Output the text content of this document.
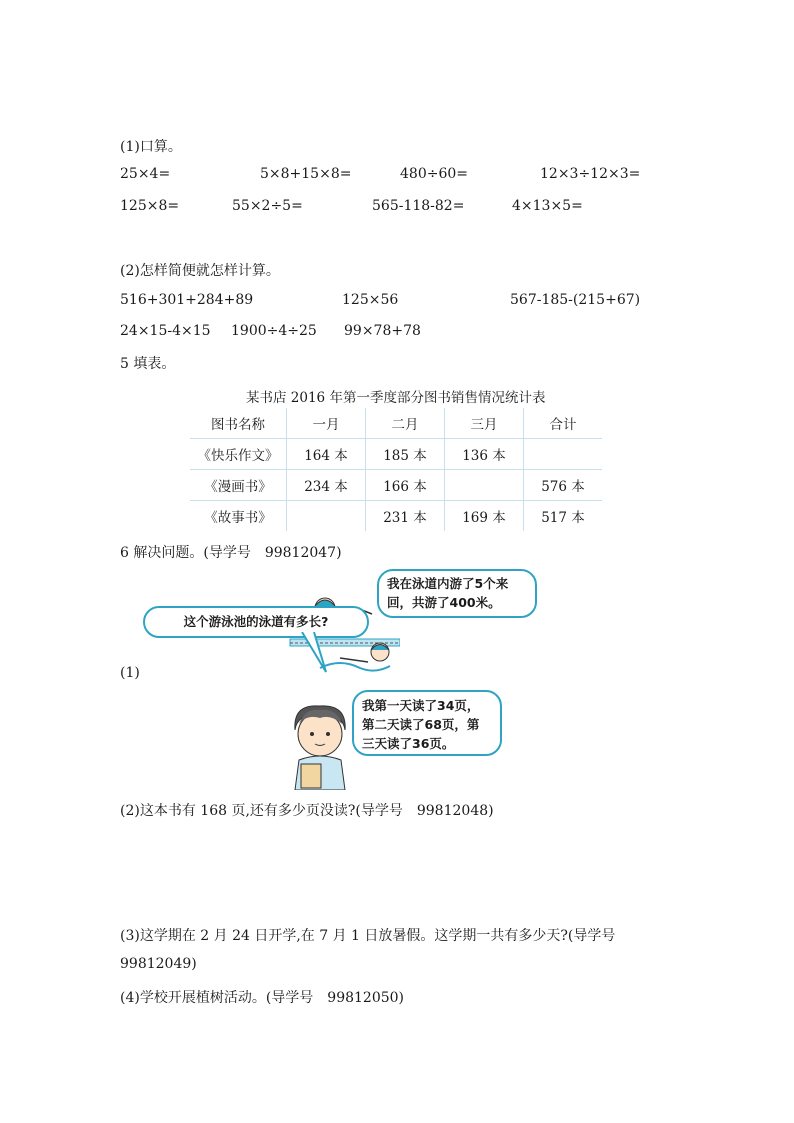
(1)口算。
25×4=	5×8+15×8=	480÷60=	12×3÷12×3=
125×8=	55×2÷5=	565-118-82=	4×13×5=
(2)怎样简便就怎样计算。
516+301+284+89	125×56	567-185-(215+67)
24×15-4×15 1900÷4÷25 99×78+78
5 填表。
某书店 2016 年第一季度部分图书销售情况统计表
图书名称	一月	二月	三月	合计
《快乐作文》	164 本	185 本	136 本	
《漫画书》	234 本	166 本		576 本
《故事书》		231 本	169 本	517 本
6 解决问题。(导学号　99812047)
这个游泳池的泳道有多长?
我在泳道内游了5个来
回，共游了400米。
(1)
我第一天读了34页，
第二天读了68页，第
三天读了36页。
(2)这本书有 168 页,还有多少页没读?(导学号　99812048)
(3)这学期在 2 月 24 日开学,在 7 月 1 日放暑假。这学期一共有多少天?(导学号
99812049)
(4)学校开展植树活动。(导学号　99812050)
